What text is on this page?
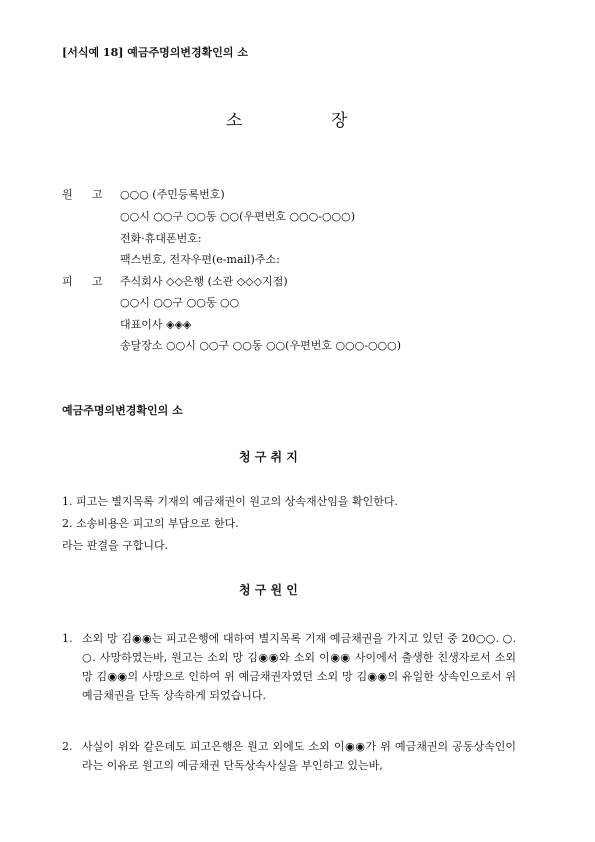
[서식예 18] 예금주명의변경확인의 소
소	장
원 고 ○○○ (주민등록번호)
○○시 ○○구 ○○동 ○○(우편번호 ○○○-○○○)
전화·휴대폰번호:
팩스번호, 전자우편(e-mail)주소:
피 고 주식회사 ◇◇은행 (소관 ◇◇◇지점)
○○시 ○○구 ○○동 ○○
대표이사 ◈◈◈
송달장소 ○○시 ○○구 ○○동 ○○(우편번호 ○○○-○○○)
예금주명의변경확인의 소
청 구 취 지
1. 피고는 별지목록 기재의 예금채권이 원고의 상속재산임을 확인한다.
2. 소송비용은 피고의 부담으로 한다.
라는 판결을 구합니다.
청 구 원 인
1. 소외 망 김◉◉는 피고은행에 대하여 별지목록 기재 예금채권을 가지고 있던 중 20○○. ○. ○. 사망하였는바, 원고는 소외 망 김◉◉와 소외 이◉◉ 사이에서 출생한 친생자로서 소외 망 김◉◉의 사망으로 인하여 위 예금채권자였던 소외 망 김◉◉의 유일한 상속인으로서 위 예금채권을 단독 상속하게 되었습니다.
2. 사실이 위와 같은데도 피고은행은 원고 외에도 소외 이◉◉가 위 예금채권의 공동상속인이라는 이유로 원고의 예금채권 단독상속사실을 부인하고 있는바,
